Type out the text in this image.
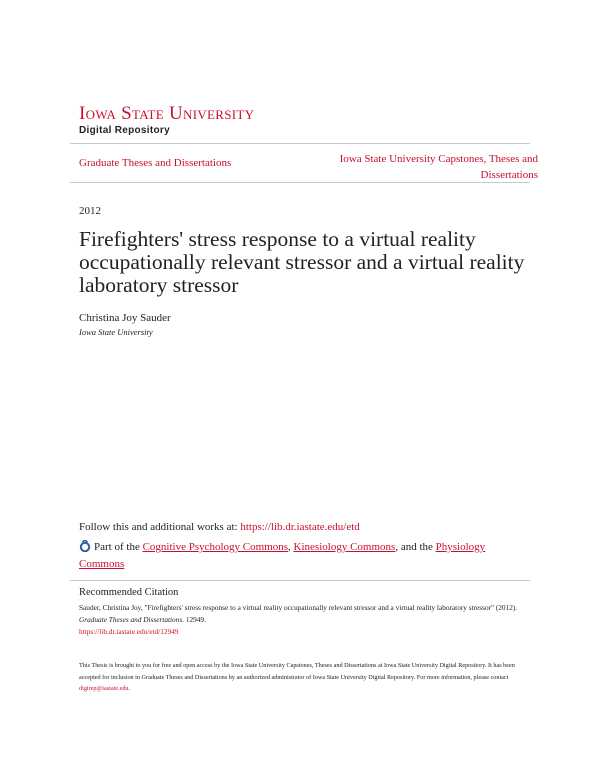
Iowa State University
Digital Repository
Graduate Theses and Dissertations	Iowa State University Capstones, Theses and Dissertations
2012
Firefighters' stress response to a virtual reality occupationally relevant stressor and a virtual reality laboratory stressor
Christina Joy Sauder
Iowa State University
Follow this and additional works at: https://lib.dr.iastate.edu/etd
Part of the Cognitive Psychology Commons, Kinesiology Commons, and the Physiology Commons
Recommended Citation
Sauder, Christina Joy, "Firefighters' stress response to a virtual reality occupationally relevant stressor and a virtual reality laboratory stressor" (2012). Graduate Theses and Dissertations. 12949.
https://lib.dr.iastate.edu/etd/12949
This Thesis is brought to you for free and open access by the Iowa State University Capstones, Theses and Dissertations at Iowa State University Digital Repository. It has been accepted for inclusion in Graduate Theses and Dissertations by an authorized administrator of Iowa State University Digital Repository. For more information, please contact digirep@iastate.edu.
